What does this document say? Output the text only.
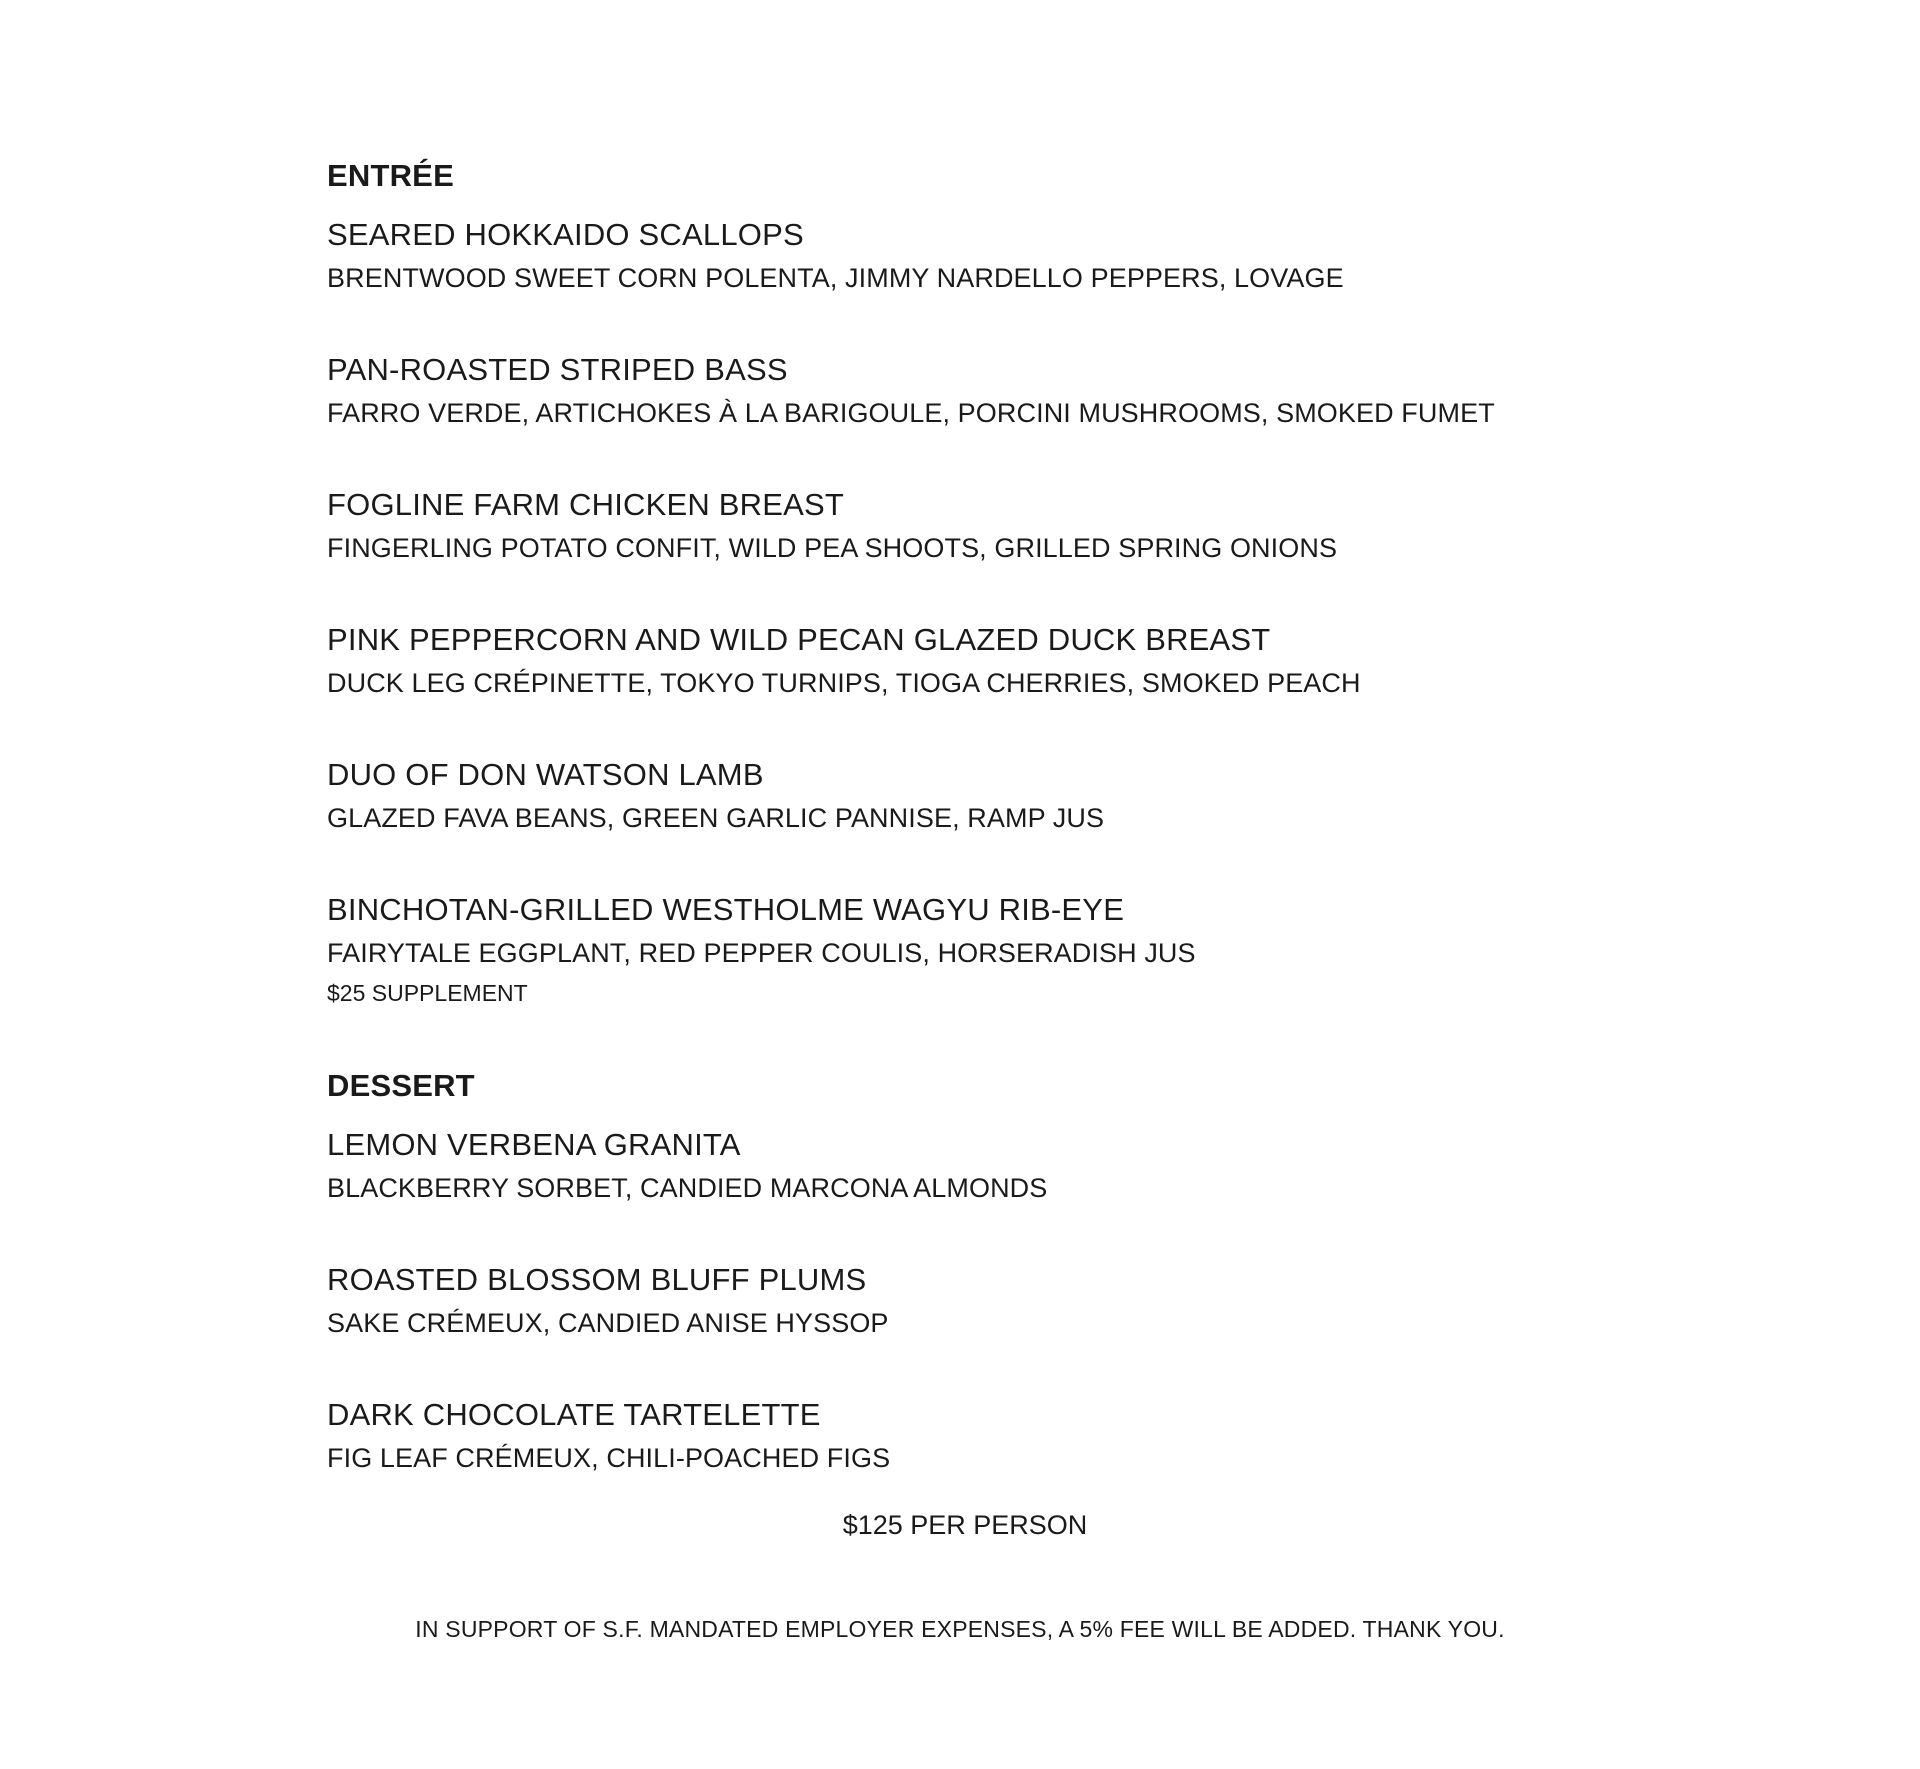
ENTRÉE
SEARED HOKKAIDO SCALLOPS
BRENTWOOD SWEET CORN POLENTA, JIMMY NARDELLO PEPPERS, LOVAGE
PAN-ROASTED STRIPED BASS
FARRO VERDE, ARTICHOKES À LA BARIGOULE, PORCINI MUSHROOMS, SMOKED FUMET
FOGLINE FARM CHICKEN BREAST
FINGERLING POTATO CONFIT, WILD PEA SHOOTS, GRILLED SPRING ONIONS
PINK PEPPERCORN AND WILD PECAN GLAZED DUCK BREAST
DUCK LEG CRÉPINETTE, TOKYO TURNIPS, TIOGA CHERRIES, SMOKED PEACH
DUO OF DON WATSON LAMB
GLAZED FAVA BEANS, GREEN GARLIC PANNISE, RAMP JUS
BINCHOTAN-GRILLED WESTHOLME WAGYU RIB-EYE
FAIRYTALE EGGPLANT, RED PEPPER COULIS, HORSERADISH JUS
$25 SUPPLEMENT
DESSERT
LEMON VERBENA GRANITA
BLACKBERRY SORBET, CANDIED MARCONA ALMONDS
ROASTED BLOSSOM BLUFF PLUMS
SAKE CRÉMEUX, CANDIED ANISE HYSSOP
DARK CHOCOLATE TARTELETTE
FIG LEAF CRÉMEUX, CHILI-POACHED FIGS
$125 PER PERSON
IN SUPPORT OF S.F. MANDATED EMPLOYER EXPENSES, A 5% FEE WILL BE ADDED. THANK YOU.
